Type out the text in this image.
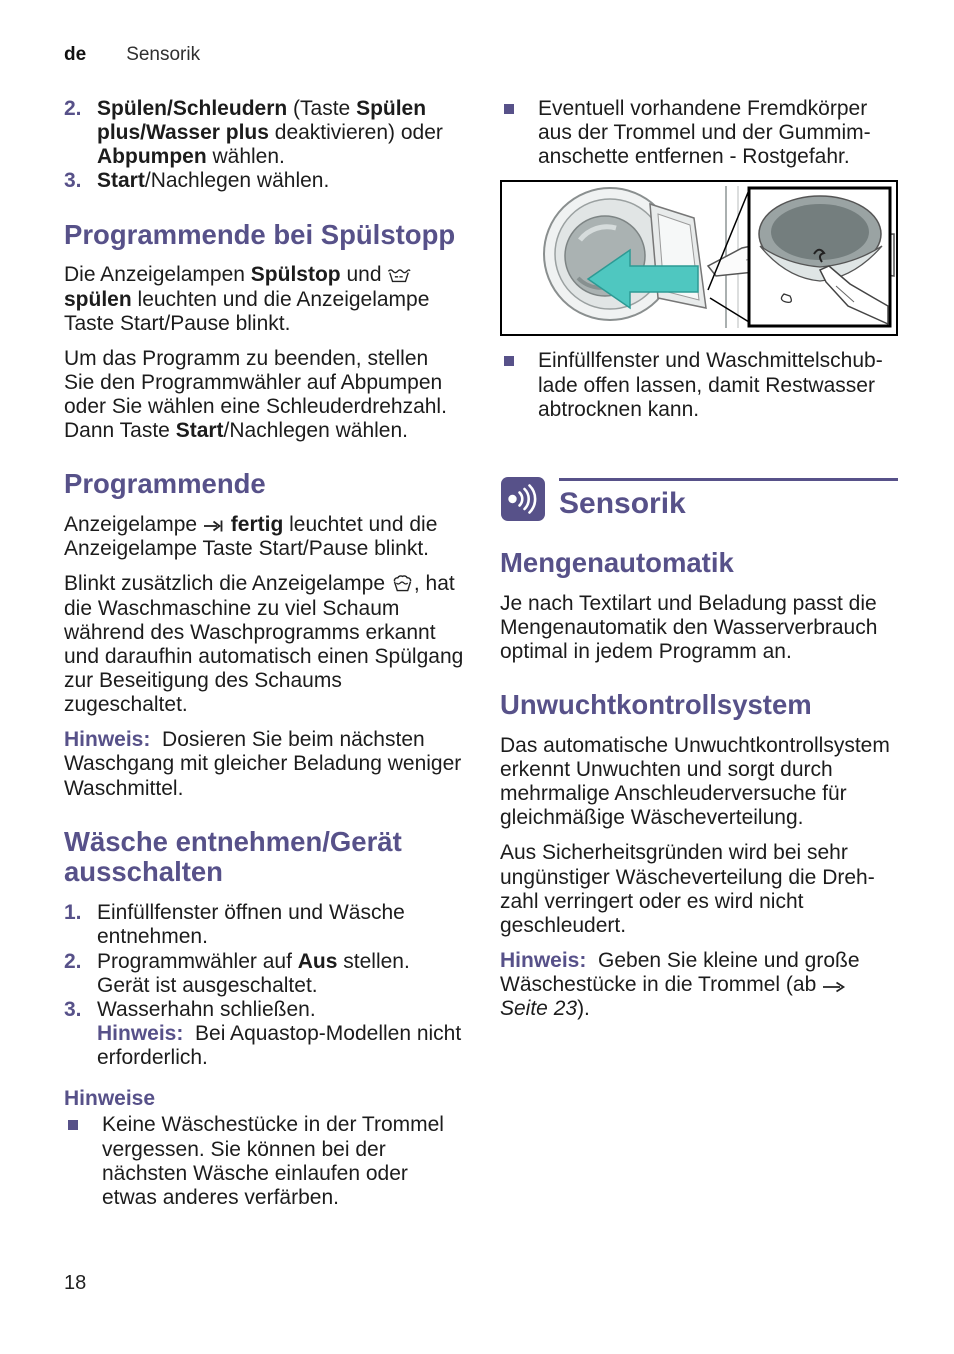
de Sensorik
2. Spülen/Schleudern (Taste Spülen plus/Wasser plus deaktivieren) oder Abpumpen wählen.
3. Start/Nachlegen wählen.
Programmende bei Spülstopp

Die Anzeigelampen Spülstop und  spülen leuchten und die Anzeigelampe Taste Start/Pause blinkt.

Um das Programm zu beenden, stellen Sie den Programmwähler auf Abpumpen oder Sie wählen eine Schleuderdrehzahl. Dann Taste Start/Nachlegen wählen.

Programmende

Anzeigelampe  fertig leuchtet und die Anzeigelampe Taste Start/Pause blinkt.

Blinkt zusätzlich die Anzeigelampe , hat die Waschmaschine zu viel Schaum während des Waschprogramms erkannt und daraufhin automatisch einen Spülgang zur Beseitigung des Schaums zugeschaltet.

Hinweis:  Dosieren Sie beim nächsten Waschgang mit gleicher Beladung weniger Waschmittel.

Wäsche entnehmen/Gerät ausschalten
1. Einfüllfenster öffnen und Wäsche entnehmen.
2. Programmwähler auf Aus stellen. Gerät ist ausgeschaltet.
3. Wasserhahn schließen.
Hinweis:  Bei Aquastop-Modellen nicht erforderlich.
Hinweise
Keine Wäschestücke in der Trommel vergessen. Sie können bei der nächsten Wäsche einlaufen oder etwas anderes verfärben.
Eventuell vorhandene Fremdkörper aus der Trommel und der Gummimanschette entfernen - Rostgefahr.
Einfüllfenster und Waschmittelschublade offen lassen, damit Restwasser abtrocknen kann.
Sensorik
Mengenautomatik

Je nach Textilart und Beladung passt die Mengenautomatik den Wasserverbrauch optimal in jedem Programm an.

Unwuchtkontrollsystem

Das automatische Unwuchtkontrollsystem erkennt Unwuchten und sorgt durch mehrmalige Anschleuderversuche für gleichmäßige Wäscheverteilung.

Aus Sicherheitsgründen wird bei sehr ungünstiger Wäscheverteilung die Drehzahl verringert oder es wird nicht geschleudert.

Hinweis:  Geben Sie kleine und große Wäschestücke in die Trommel (ab  Seite 23).

18
